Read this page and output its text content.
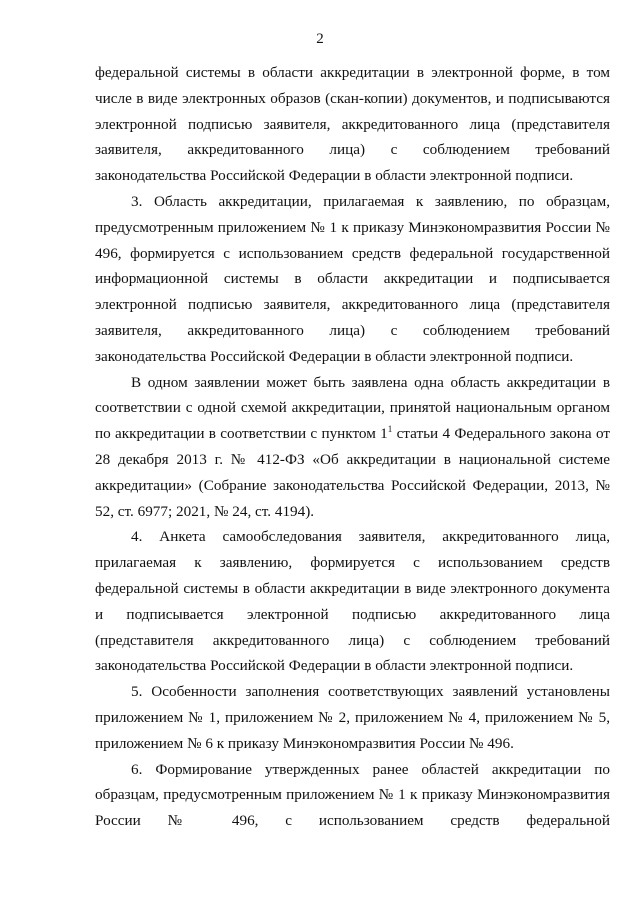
2

федеральной системы в области аккредитации в электронной форме, в том числе в виде электронных образов (скан-копии) документов, и подписываются электронной подписью заявителя, аккредитованного лица (представителя заявителя, аккредитованного лица) с соблюдением требований законодательства Российской Федерации в области электронной подписи.

3. Область аккредитации, прилагаемая к заявлению, по образцам, предусмотренным приложением № 1 к приказу Минэкономразвития России № 496, формируется с использованием средств федеральной государственной информационной системы в области аккредитации и подписывается электронной подписью заявителя, аккредитованного лица (представителя заявителя, аккредитованного лица) с соблюдением требований законодательства Российской Федерации в области электронной подписи.

В одном заявлении может быть заявлена одна область аккредитации в соответствии с одной схемой аккредитации, принятой национальным органом по аккредитации в соответствии с пунктом $1^1$ статьи 4 Федерального закона от 28 декабря 2013 г. № 412-ФЗ «Об аккредитации в национальной системе аккредитации» (Собрание законодательства Российской Федерации, 2013, № 52, ст. 6977; 2021, № 24, ст. 4194).

4. Анкета самообследования заявителя, аккредитованного лица, прилагаемая к заявлению, формируется с использованием средств федеральной системы в области аккредитации в виде электронного документа и подписывается электронной подписью аккредитованного лица (представителя аккредитованного лица) с соблюдением требований законодательства Российской Федерации в области электронной подписи.

5. Особенности заполнения соответствующих заявлений установлены приложением № 1, приложением № 2, приложением № 4, приложением № 5, приложением № 6 к приказу Минэкономразвития России № 496.

6. Формирование утвержденных ранее областей аккредитации по образцам, предусмотренным приложением № 1 к приказу Минэкономразвития России № 496, с использованием средств федеральной
